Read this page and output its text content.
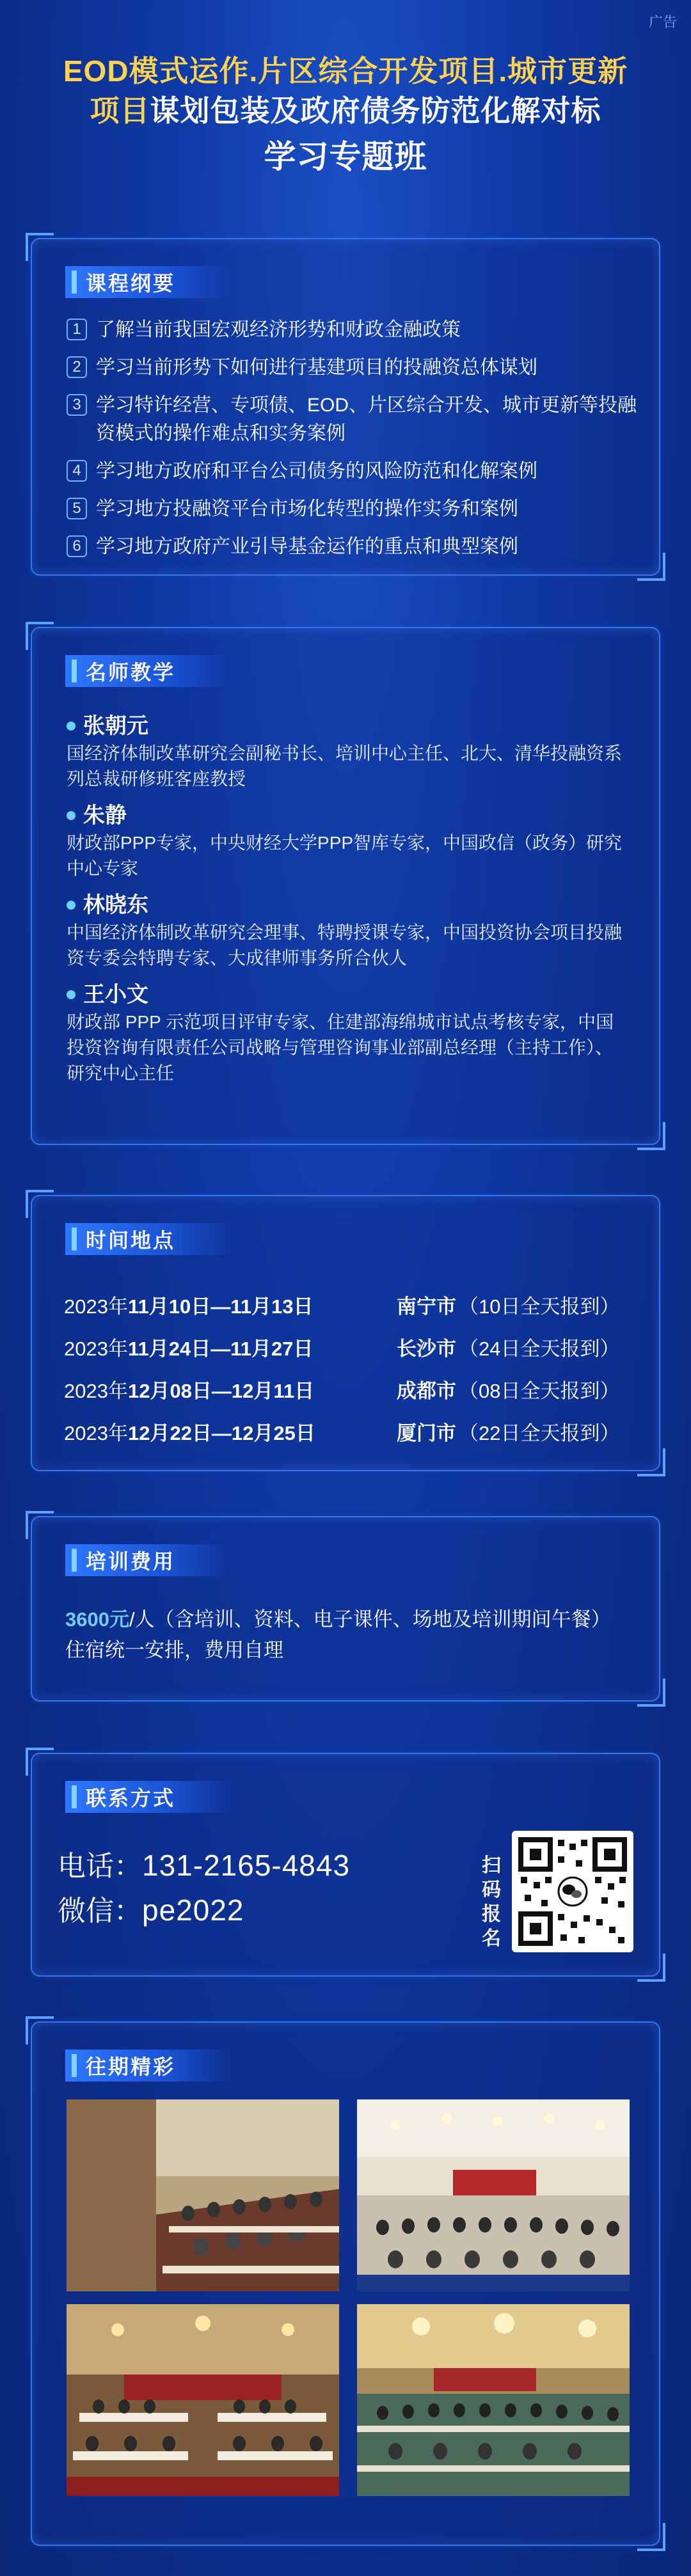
广告
EOD模式运作.片区综合开发项目.城市更新
项目谋划包装及政府债务防范化解对标
学习专题班
课程纲要
1 了解当前我国宏观经济形势和财政金融政策
2 学习当前形势下如何进行基建项目的投融资总体谋划
3 学习特许经营、专项债、EOD、片区综合开发、城市更新等投融资模式的操作难点和实务案例
4 学习地方政府和平台公司债务的风险防范和化解案例
5 学习地方投融资平台市场化转型的操作实务和案例
6 学习地方政府产业引导基金运作的重点和典型案例
名师教学
张朝元
国经济体制改革研究会副秘书长、培训中心主任、北大、清华投融资系列总裁研修班客座教授
朱静
财政部PPP专家，中央财经大学PPP智库专家，中国政信（政务）研究中心专家
林晓东
中国经济体制改革研究会理事、特聘授课专家，中国投资协会项目投融资专委会特聘专家、大成律师事务所合伙人
王小文
财政部 PPP 示范项目评审专家、住建部海绵城市试点考核专家，中国投资咨询有限责任公司战略与管理咨询事业部副总经理（主持工作）、研究中心主任
时间地点
2023年11月10日—11月13日	南宁市 （10日全天报到）
2023年11月24日—11月27日	长沙市 （24日全天报到）
2023年12月08日—12月11日	成都市 （08日全天报到）
2023年12月22日—12月25日	厦门市 （22日全天报到）
培训费用
3600元/人（含培训、资料、电子课件、场地及培训期间午餐）住宿统一安排，费用自理
联系方式
电话：131-2165-4843
微信：pe2022
扫码报名
往期精彩
